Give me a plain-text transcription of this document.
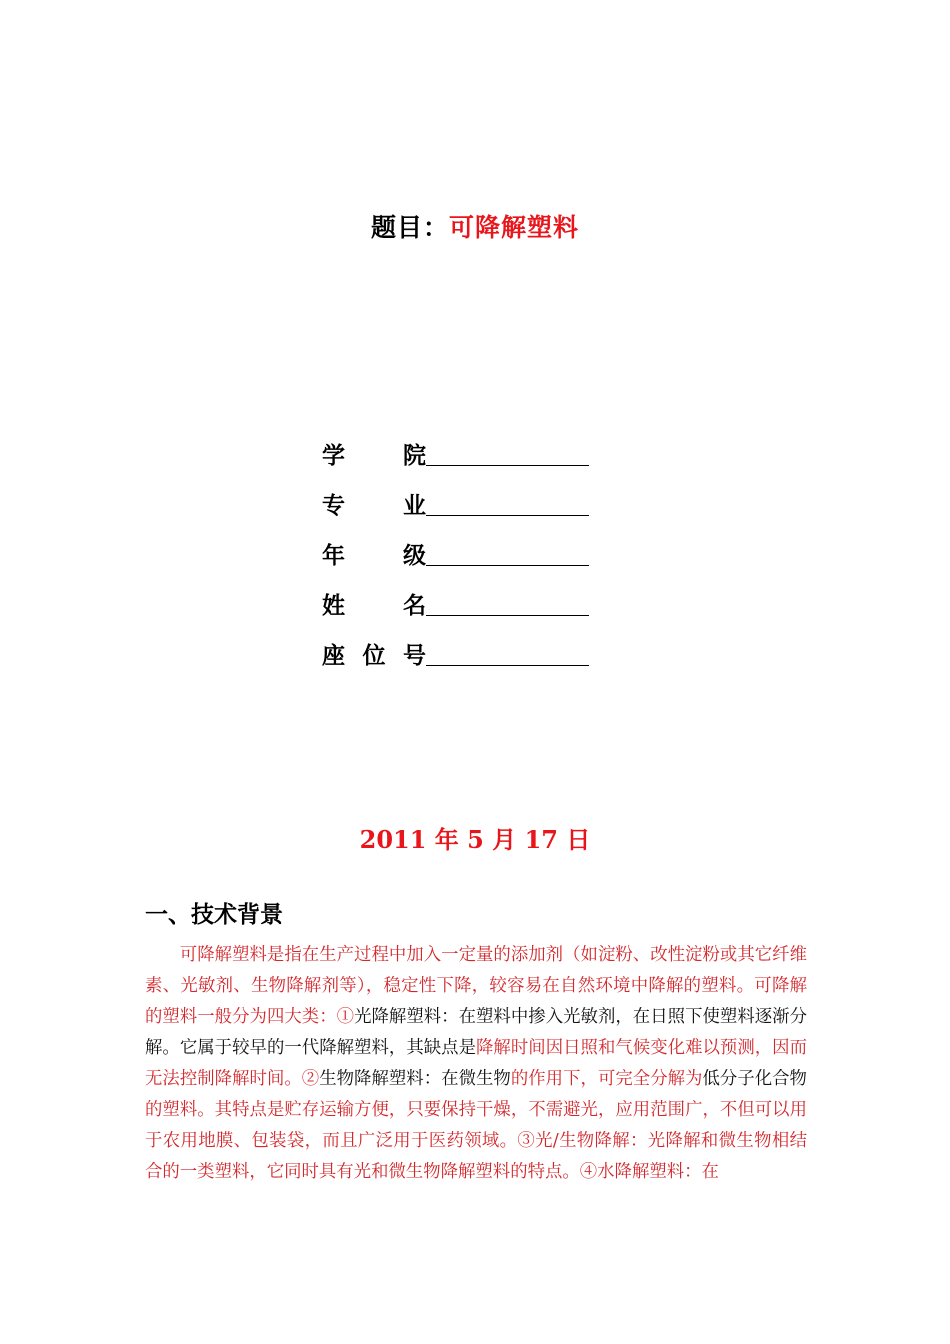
题目：可降解塑料
学	院
专	业
年	级
姓	名
座 位 号
2011 年 5 月 17 日
一、技术背景

可降解塑料是指在生产过程中加入一定量的添加剂（如淀粉、改性淀粉或其它纤维素、光敏剂、生物降解剂等），稳定性下降，较容易在自然环境中降解的塑料。可降解的塑料一般分为四大类：①光降解塑料：在塑料中掺入光敏剂，在日照下使塑料逐渐分解。它属于较早的一代降解塑料，其缺点是降解时间因日照和气候变化难以预测，因而无法控制降解时间。②生物降解塑料：在微生物的作用下，可完全分解为低分子化合物的塑料。其特点是贮存运输方便，只要保持干燥，不需避光，应用范围广，不但可以用于农用地膜、包装袋，而且广泛用于医药领域。③光/生物降解：光降解和微生物相结合的一类塑料，它同时具有光和微生物降解塑料的特点。④水降解塑料：在
